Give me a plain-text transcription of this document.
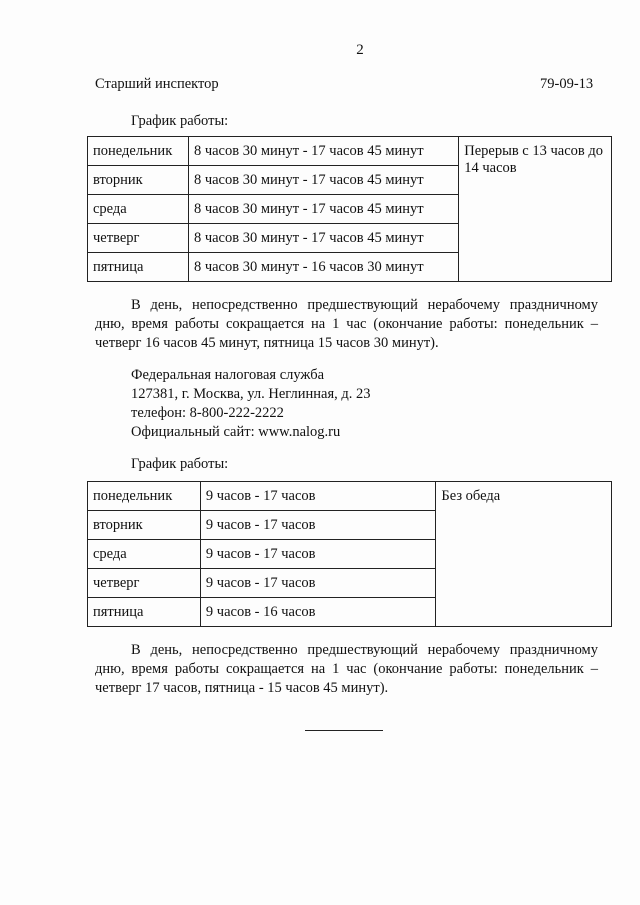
2
Старший инспектор	79-09-13
График работы:
понедельник	8 часов 30 минут - 17 часов 45 минут	Перерыв с 13 часов до 14 часов
вторник	8 часов 30 минут - 17 часов 45 минут	
среда	8 часов 30 минут - 17 часов 45 минут	
четверг	8 часов 30 минут - 17 часов 45 минут	
пятница	8 часов 30 минут - 16 часов 30 минут	
В день, непосредственно предшествующий нерабочему праздничному дню, время работы сокращается на 1 час (окончание работы: понедельник – четверг 16 часов 45 минут, пятница 15 часов 30 минут).
Федеральная налоговая служба
127381, г. Москва, ул. Неглинная, д. 23
телефон: 8-800-222-2222
Официальный сайт: www.nalog.ru
График работы:
понедельник	9 часов - 17 часов	Без обеда
вторник	9 часов - 17 часов	
среда	9 часов - 17 часов	
четверг	9 часов - 17 часов	
пятница	9 часов - 16 часов	
В день, непосредственно предшествующий нерабочему праздничному дню, время работы сокращается на 1 час (окончание работы: понедельник – четверг 17 часов, пятница - 15 часов 45 минут).
